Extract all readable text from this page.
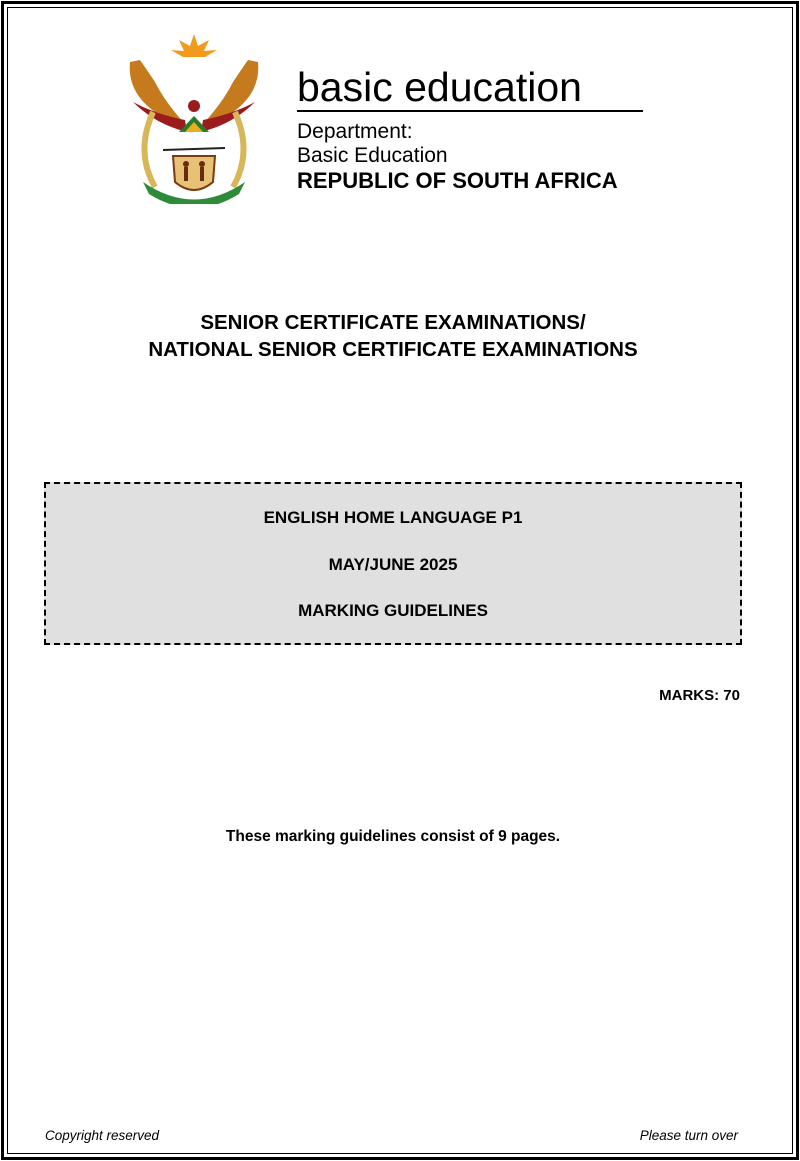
basic education
Department:
Basic Education
REPUBLIC OF SOUTH AFRICA
SENIOR CERTIFICATE EXAMINATIONS/
NATIONAL SENIOR CERTIFICATE EXAMINATIONS
ENGLISH HOME LANGUAGE P1
MAY/JUNE 2025
MARKING GUIDELINES
MARKS: 70
These marking guidelines consist of 9 pages.
Copyright reserved	Please turn over
